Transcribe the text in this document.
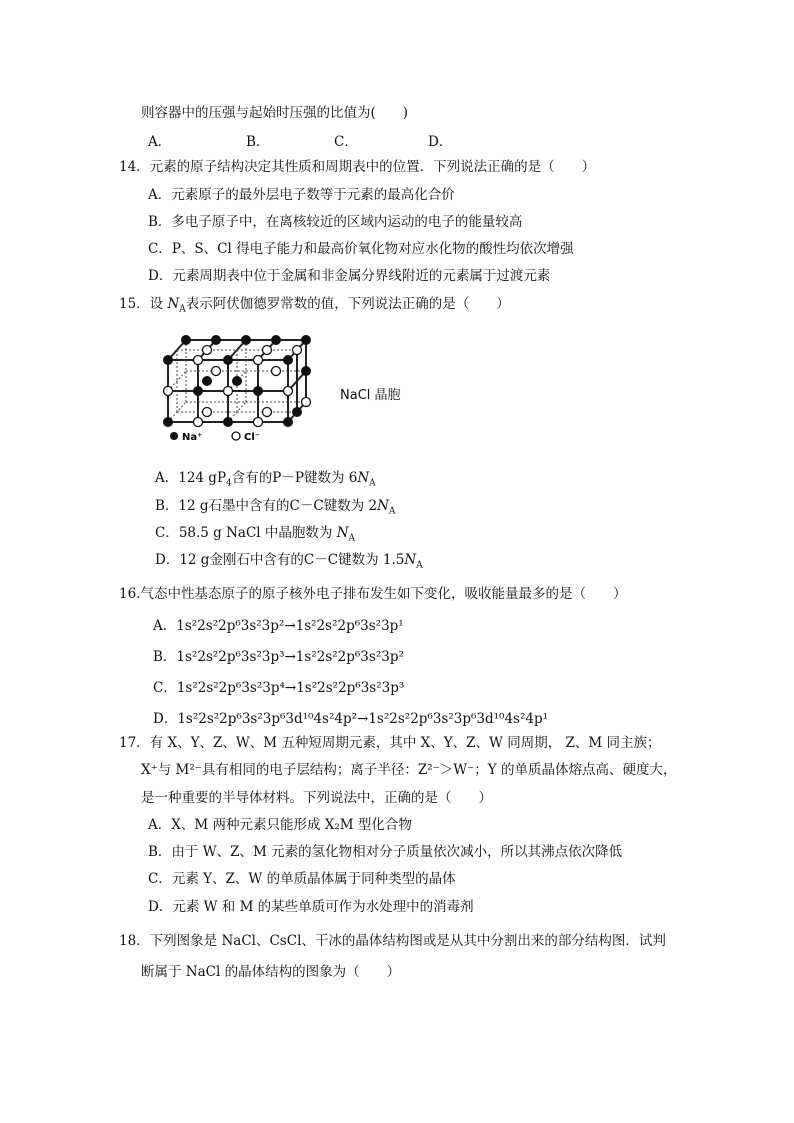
则容器中的压强与起始时压强的比值为(　　)
A．	B．	C．	D．
14．元素的原子结构决定其性质和周期表中的位置．下列说法正确的是（　　）
A．元素原子的最外层电子数等于元素的最高化合价
B．多电子原子中，在离核较近的区域内运动的电子的能量较高
C．P、S、Cl 得电子能力和最高价氧化物对应水化物的酸性均依次增强
D．元素周期表中位于金属和非金属分界线附近的元素属于过渡元素
15．设 $N_A$表示阿伏伽德罗常数的值，下列说法正确的是（　　）
Na⁺	Cl⁻
NaCl 晶胞
A．124 $gP_4$含有的P－P键数为 $6N_A$
B．12 g石墨中含有的C－C键数为 $2N_A$
C．58.5 g NaCl 中晶胞数为 $N_A$
D．12 g金刚石中含有的C－C键数为 $1.5N_A$
16.气态中性基态原子的原子核外电子排布发生如下变化，吸收能量最多的是（　　）
A．1s²2s²2p⁶3s²3p²→1s²2s²2p⁶3s²3p¹
B．1s²2s²2p⁶3s²3p³→1s²2s²2p⁶3s²3p²
C．1s²2s²2p⁶3s²3p⁴→1s²2s²2p⁶3s²3p³
D．1s²2s²2p⁶3s²3p⁶3d¹⁰4s²4p²→1s²2s²2p⁶3s²3p⁶3d¹⁰4s²4p¹
17．有 X、Y、Z、W、M 五种短周期元素，其中 X、Y、Z、W 同周期， Z、M 同主族；
X⁺与 M²⁻具有相同的电子层结构；离子半径：Z²⁻＞W⁻；Y 的单质晶体熔点高、硬度大，
是一种重要的半导体材料。下列说法中，正确的是（　　）
A．X、M 两种元素只能形成 X₂M 型化合物
B．由于 W、Z、M 元素的氢化物相对分子质量依次减小，所以其沸点依次降低
C．元素 Y、Z、W 的单质晶体属于同种类型的晶体
D．元素 W 和 M 的某些单质可作为水处理中的消毒剂
18．下列图象是 NaCl、CsCl、干冰的晶体结构图或是从其中分割出来的部分结构图．试判
断属于 NaCl 的晶体结构的图象为（　　）
